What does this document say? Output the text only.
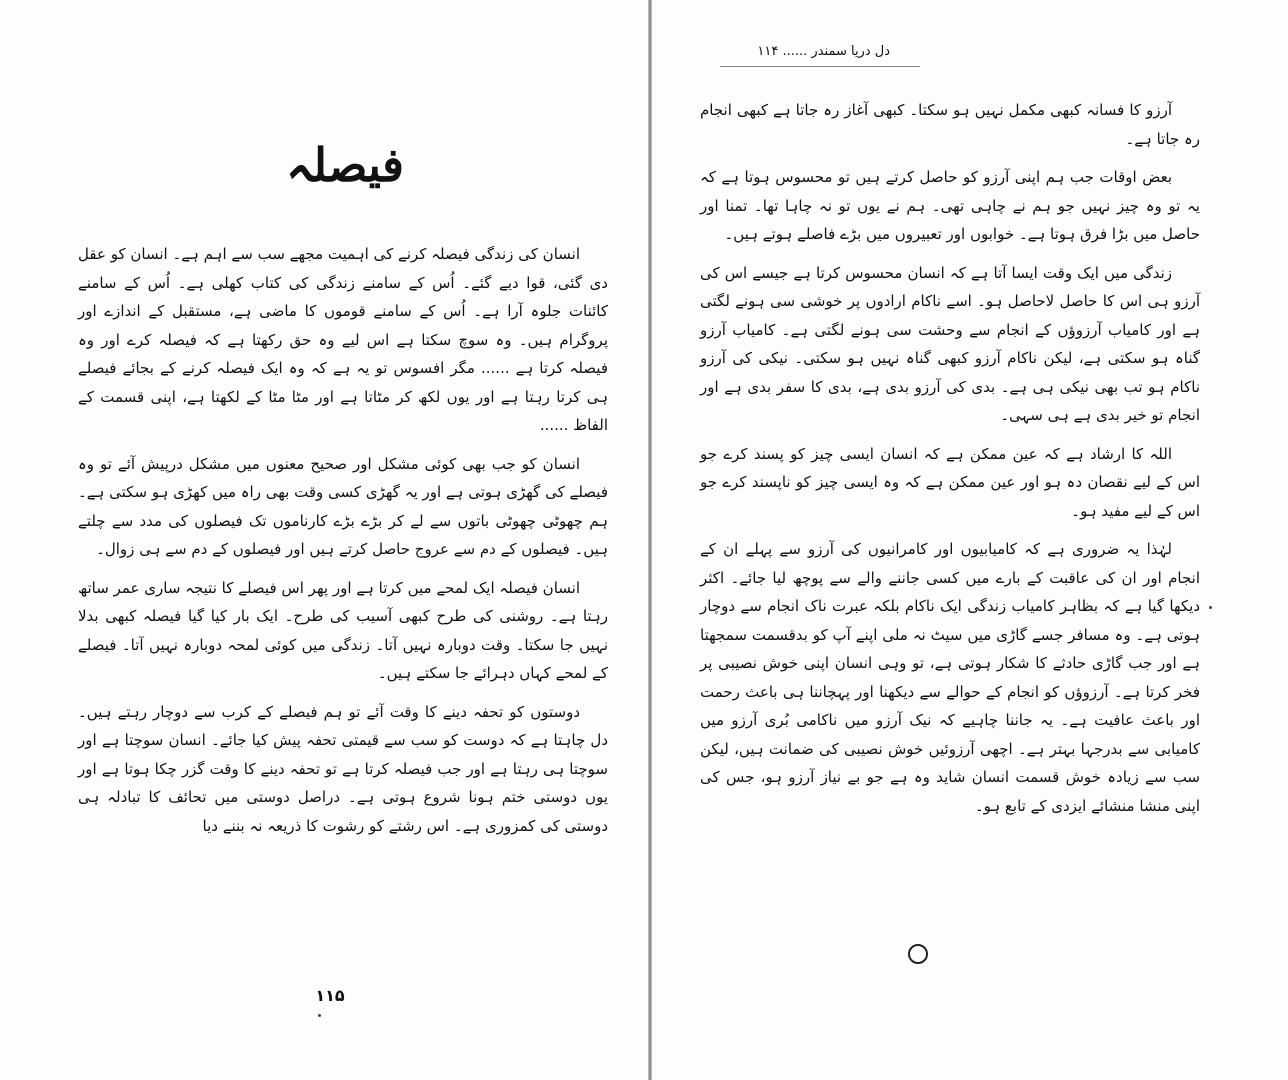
فیصلہ

انسان کی زندگی فیصلہ کرنے کی اہمیت مجھے سب سے اہم ہے۔ انسان کو عقل دی گئی، قوا دیے گئے۔ اُس کے سامنے زندگی کی کتاب کھلی ہے۔ اُس کے سامنے کائنات جلوہ آرا ہے۔ اُس کے سامنے قوموں کا ماضی ہے، مستقبل کے اندازے اور پروگرام ہیں۔ وہ سوچ سکتا ہے اس لیے وہ حق رکھتا ہے کہ فیصلہ کرے اور وہ فیصلہ کرتا ہے ...... مگر افسوس تو یہ ہے کہ وہ ایک فیصلہ کرنے کے بجائے فیصلے ہی کرتا رہتا ہے اور یوں لکھ کر مٹاتا ہے اور مٹا مٹا کے لکھتا ہے، اپنی قسمت کے الفاظ ......

انسان کو جب بھی کوئی مشکل اور صحیح معنوں میں مشکل درپیش آئے تو وہ فیصلے کی گھڑی ہوتی ہے اور یہ گھڑی کسی وقت بھی راہ میں کھڑی ہو سکتی ہے۔ ہم چھوٹی چھوٹی باتوں سے لے کر بڑے بڑے کارناموں تک فیصلوں کی مدد سے چلتے ہیں۔ فیصلوں کے دم سے عروج حاصل کرتے ہیں اور فیصلوں کے دم سے ہی زوال۔

انسان فیصلہ ایک لمحے میں کرتا ہے اور پھر اس فیصلے کا نتیجہ ساری عمر ساتھ رہتا ہے۔ روشنی کی طرح کبھی آسیب کی طرح۔ ایک بار کیا گیا فیصلہ کبھی بدلا نہیں جا سکتا۔ وقت دوبارہ نہیں آتا۔ زندگی میں کوئی لمحہ دوبارہ نہیں آتا۔ فیصلے کے لمحے کہاں دہرائے جا سکتے ہیں۔

دوستوں کو تحفہ دینے کا وقت آئے تو ہم فیصلے کے کرب سے دوچار رہتے ہیں۔ دل چاہتا ہے کہ دوست کو سب سے قیمتی تحفہ پیش کیا جائے۔ انسان سوچتا ہے اور سوچتا ہی رہتا ہے اور جب فیصلہ کرتا ہے تو تحفہ دینے کا وقت گزر چکا ہوتا ہے اور یوں دوستی ختم ہونا شروع ہوتی ہے۔ دراصل دوستی میں تحائف کا تبادلہ ہی دوستی کی کمزوری ہے۔ اس رشتے کو رشوت کا ذریعہ نہ بننے دیا

۱۱۵
دل دریا سمندر ...... ۱۱۴

آرزو کا فسانہ کبھی مکمل نہیں ہو سکتا۔ کبھی آغاز رہ جاتا ہے کبھی انجام رہ جاتا ہے۔

بعض اوقات جب ہم اپنی آرزو کو حاصل کرتے ہیں تو محسوس ہوتا ہے کہ یہ تو وہ چیز نہیں جو ہم نے چاہی تھی۔ ہم نے یوں تو نہ چاہا تھا۔ تمنا اور حاصل میں بڑا فرق ہوتا ہے۔ خوابوں اور تعبیروں میں بڑے فاصلے ہوتے ہیں۔

زندگی میں ایک وقت ایسا آتا ہے کہ انسان محسوس کرتا ہے جیسے اس کی آرزو ہی اس کا حاصل لاحاصل ہو۔ اسے ناکام ارادوں پر خوشی سی ہونے لگتی ہے اور کامیاب آرزوؤں کے انجام سے وحشت سی ہونے لگتی ہے۔ کامیاب آرزو گناہ ہو سکتی ہے، لیکن ناکام آرزو کبھی گناہ نہیں ہو سکتی۔ نیکی کی آرزو ناکام ہو تب بھی نیکی ہی ہے۔ بدی کی آرزو بدی ہے، بدی کا سفر بدی ہے اور انجام تو خیر بدی ہے ہی سہی۔

اللہ کا ارشاد ہے کہ عین ممکن ہے کہ انسان ایسی چیز کو پسند کرے جو اس کے لیے نقصان دہ ہو اور عین ممکن ہے کہ وہ ایسی چیز کو ناپسند کرے جو اس کے لیے مفید ہو۔

لہٰذا یہ ضروری ہے کہ کامیابیوں اور کامرانیوں کی آرزو سے پہلے ان کے انجام اور ان کی عاقبت کے بارے میں کسی جاننے والے سے پوچھ لیا جائے۔ اکثر دیکھا گیا ہے کہ بظاہر کامیاب زندگی ایک ناکام بلکہ عبرت ناک انجام سے دوچار ہوتی ہے۔ وہ مسافر جسے گاڑی میں سیٹ نہ ملی اپنے آپ کو بدقسمت سمجھتا ہے اور جب گاڑی حادثے کا شکار ہوتی ہے، تو وہی انسان اپنی خوش نصیبی پر فخر کرتا ہے۔ آرزوؤں کو انجام کے حوالے سے دیکھنا اور پہچاننا ہی باعث رحمت اور باعث عافیت ہے۔ یہ جاننا چاہیے کہ نیک آرزو میں ناکامی بُری آرزو میں کامیابی سے بدرجہا بہتر ہے۔ اچھی آرزوئیں خوش نصیبی کی ضمانت ہیں، لیکن سب سے زیادہ خوش قسمت انسان شاید وہ ہے جو بے نیاز آرزو ہو، جس کی اپنی منشا منشائے ایزدی کے تابع ہو۔
